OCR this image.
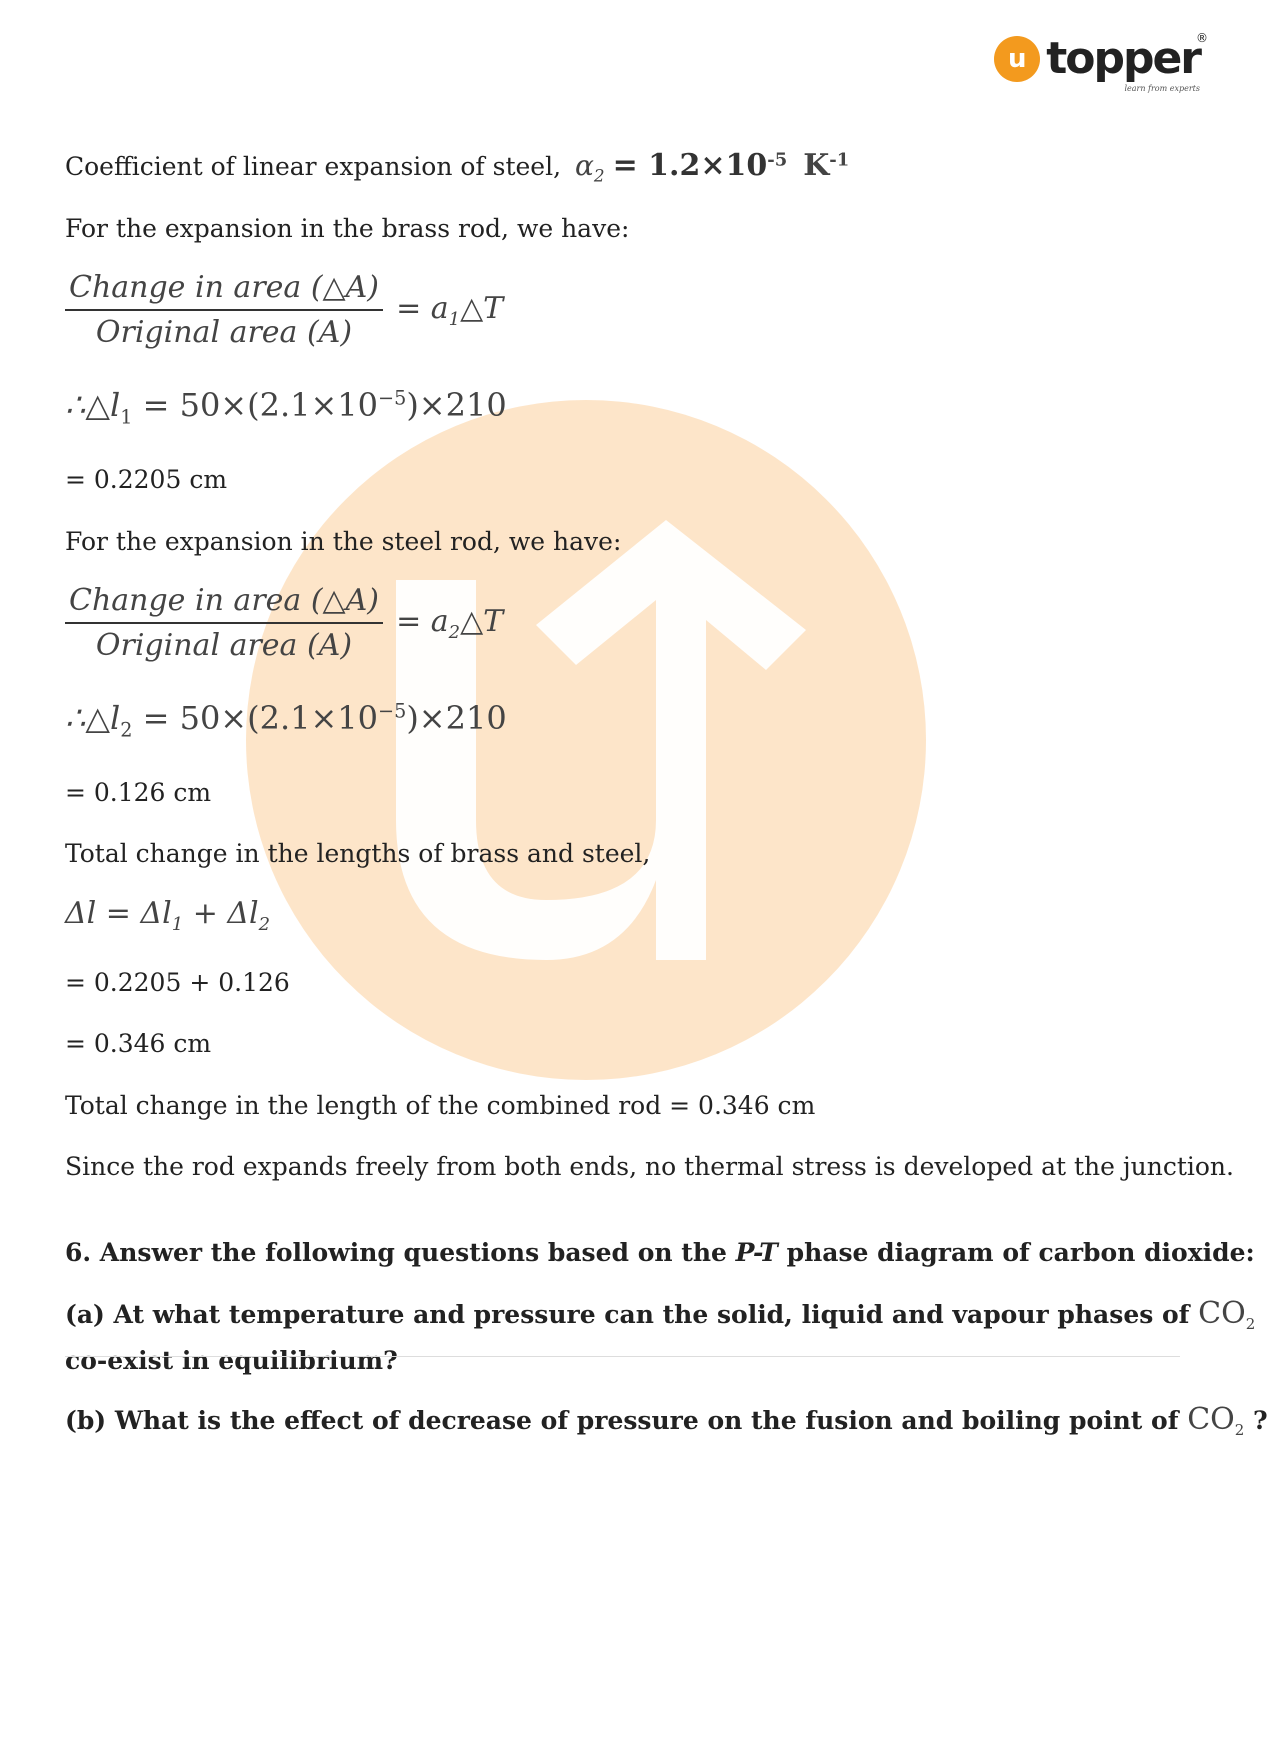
u topper
®
learn from experts
Coefficient of linear expansion of steel, $\alpha_2 = 1.2\times 10^{-5}$ $K^{-1}$
For the expansion in the brass rod, we have:
$\frac{\text{Change in area (△A)}}{\text{Original area (A)}}$ = $a_1\triangle T$
$\therefore\triangle l_1 = 50\times(2.1\times 10^{-5})\times 210$
= 0.2205 cm
For the expansion in the steel rod, we have:
$\frac{\text{Change in area (△A)}}{\text{Original area (A)}}$ = $a_2\triangle T$
$\therefore\triangle l_2 = 50\times(2.1\times 10^{-5})\times 210$
= 0.126 cm
Total change in the lengths of brass and steel,
$\Delta l = \Delta l_1 + \Delta l_2$
= 0.2205 + 0.126
= 0.346 cm
Total change in the length of the combined rod = 0.346 cm
Since the rod expands freely from both ends, no thermal stress is developed at the junction.
6. Answer the following questions based on the P-T phase diagram of carbon dioxide:
(a) At what temperature and pressure can the solid, liquid and vapour phases of $CO_2$
co-exist in equilibrium?
(b) What is the effect of decrease of pressure on the fusion and boiling point of $CO_2$ ?
